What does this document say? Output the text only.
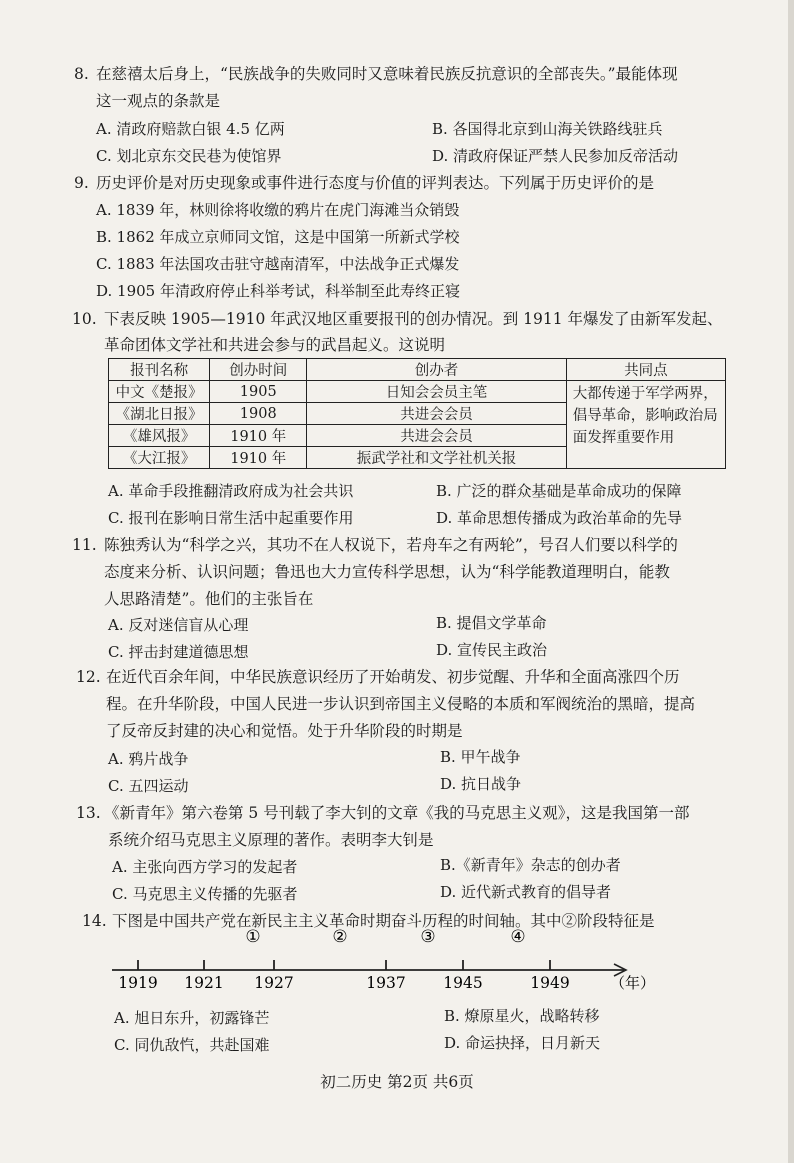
8. 在慈禧太后身上，“民族战争的失败同时又意味着民族反抗意识的全部丧失。”最能体现
这一观点的条款是
A. 清政府赔款白银 4.5 亿两	B. 各国得北京到山海关铁路线驻兵
C. 划北京东交民巷为使馆界	D. 清政府保证严禁人民参加反帝活动
9. 历史评价是对历史现象或事件进行态度与价值的评判表达。下列属于历史评价的是
A. 1839 年，林则徐将收缴的鸦片在虎门海滩当众销毁
B. 1862 年成立京师同文馆，这是中国第一所新式学校
C. 1883 年法国攻击驻守越南清军，中法战争正式爆发
D. 1905 年清政府停止科举考试，科举制至此寿终正寝
10. 下表反映 1905—1910 年武汉地区重要报刊的创办情况。到 1911 年爆发了由新军发起、
革命团体文学社和共进会参与的武昌起义。这说明
报刊名称	创办时间	创办者	共同点
中文《楚报》	1905	日知会会员主笔	大都传递于军学两界，倡导革命，影响政治局面发挥重要作用
《湖北日报》	1908	共进会会员	
《雄风报》	1910 年	共进会会员	
《大江报》	1910 年	振武学社和文学社机关报	
A. 革命手段推翻清政府成为社会共识	B. 广泛的群众基础是革命成功的保障
C. 报刊在影响日常生活中起重要作用	D. 革命思想传播成为政治革命的先导
11. 陈独秀认为“科学之兴，其功不在人权说下，若舟车之有两轮”，号召人们要以科学的
态度来分析、认识问题；鲁迅也大力宣传科学思想，认为“科学能教道理明白，能教
人思路清楚”。他们的主张旨在
A. 反对迷信盲从心理	B. 提倡文学革命
C. 抨击封建道德思想	D. 宣传民主政治
12. 在近代百余年间，中华民族意识经历了开始萌发、初步觉醒、升华和全面高涨四个历
程。在升华阶段，中国人民进一步认识到帝国主义侵略的本质和军阀统治的黑暗，提高
了反帝反封建的决心和觉悟。处于升华阶段的时期是
A. 鸦片战争	B. 甲午战争
C. 五四运动	D. 抗日战争
13. 《新青年》第六卷第 5 号刊载了李大钊的文章《我的马克思主义观》，这是我国第一部
系统介绍马克思主义原理的著作。表明李大钊是
A. 主张向西方学习的发起者	B.《新青年》杂志的创办者
C. 马克思主义传播的先驱者	D. 近代新式教育的倡导者
14. 下图是中国共产党在新民主主义革命时期奋斗历程的时间轴。其中②阶段特征是
1919 1921 1927	1937 1945	1949
①	②	③	④
（年）
A. 旭日东升，初露锋芒	B. 燎原星火，战略转移
C. 同仇敌忾，共赴国难	D. 命运抉择，日月新天
初二历史 第2页 共6页
